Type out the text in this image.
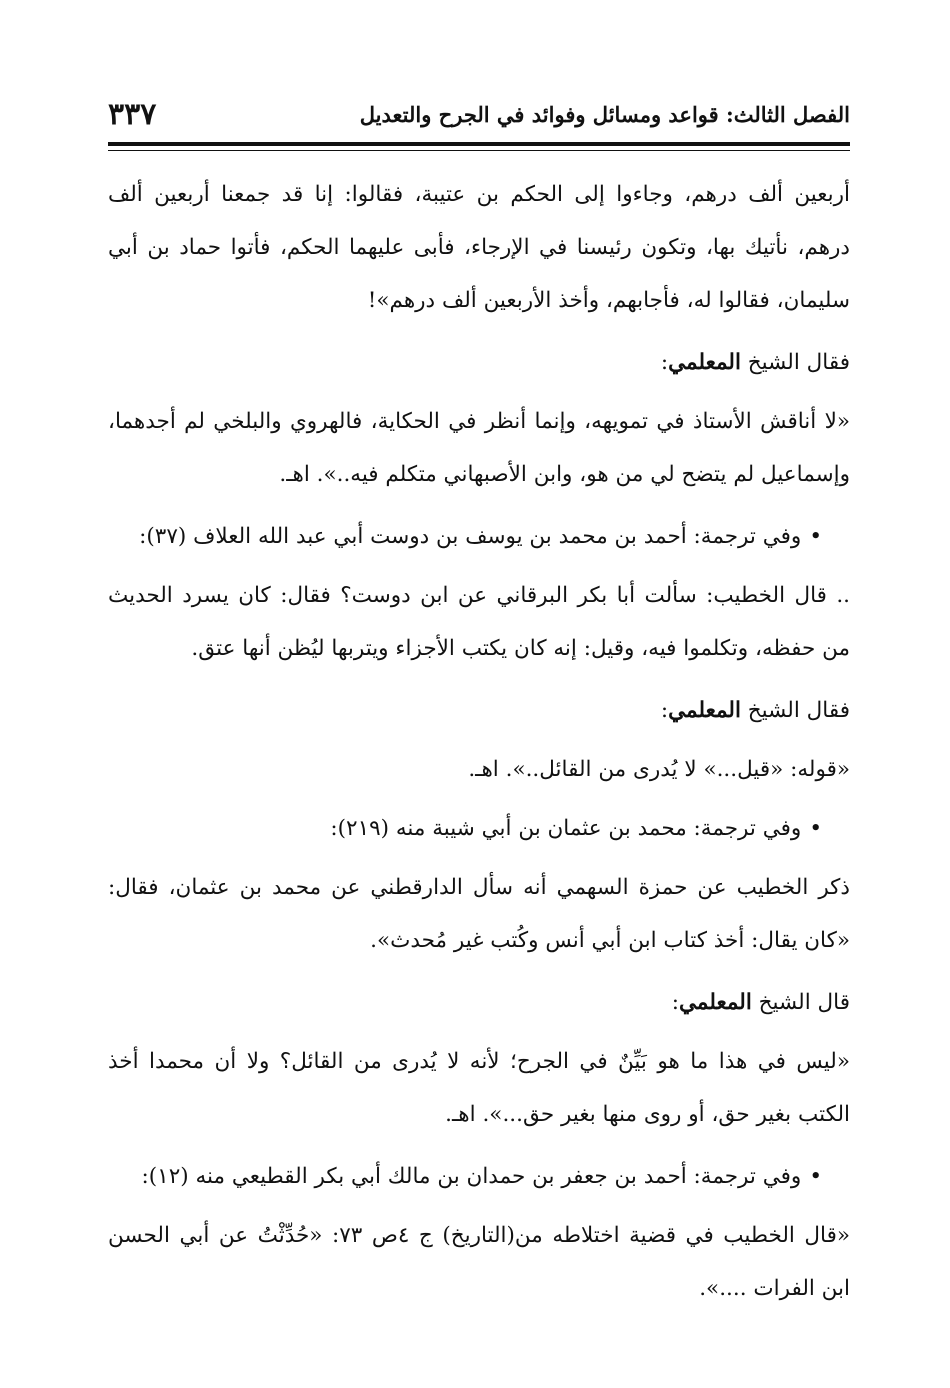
الفصل الثالث: قواعد ومسائل وفوائد في الجرح والتعديل
٣٣٧

أربعين ألف درهم، وجاءوا إلى الحكم بن عتيبة، فقالوا: إنا قد جمعنا أربعين ألف درهم، نأتيك بها، وتكون رئيسنا في الإرجاء، فأبى عليهما الحكم، فأتوا حماد بن أبي سليمان، فقالوا له، فأجابهم، وأخذ الأربعين ألف درهم»!

فقال الشيخ المعلمي:

«لا أناقش الأستاذ في تمويهه، وإنما أنظر في الحكاية، فالهروي والبلخي لم أجدهما، وإسماعيل لم يتضح لي من هو، وابن الأصبهاني متكلم فيه..». اهـ.

•وفي ترجمة: أحمد بن محمد بن يوسف بن دوست أبي عبد الله العلاف (٣٧):

.. قال الخطيب: سألت أبا بكر البرقاني عن ابن دوست؟ فقال: كان يسرد الحديث من حفظه، وتكلموا فيه، وقيل: إنه كان يكتب الأجزاء ويتربها ليُظن أنها عتق.

فقال الشيخ المعلمي:

«قوله: «قيل...» لا يُدرى من القائل..». اهـ.

•وفي ترجمة: محمد بن عثمان بن أبي شيبة منه (٢١٩):

ذكر الخطيب عن حمزة السهمي أنه سأل الدارقطني عن محمد بن عثمان، فقال: «كان يقال: أخذ كتاب ابن أبي أنس وكُتب غير مُحدث».

قال الشيخ المعلمي:

«ليس في هذا ما هو بَيِّنٌ في الجرح؛ لأنه لا يُدرى من القائل؟ ولا أن محمدا أخذ الكتب بغير حق، أو روى منها بغير حق...». اهـ.

•وفي ترجمة: أحمد بن جعفر بن حمدان بن مالك أبي بكر القطيعي منه (١٢):

«قال الخطيب في قضية اختلاطه من(التاريخ) ج ٤ص ٧٣: «حُدِّثْتُ عن أبي الحسن ابن الفرات ....».
